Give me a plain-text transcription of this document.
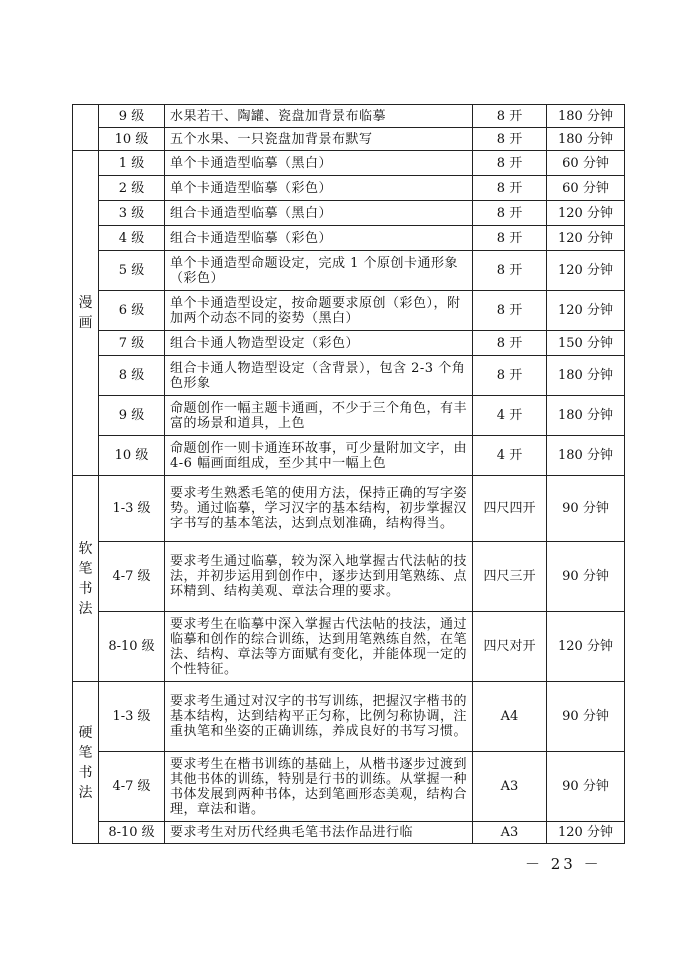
	9 级	水果若干、陶罐、瓷盘加背景布临摹	8 开	180 分钟
	10 级	五个水果、一只瓷盘加背景布默写	8 开	180 分钟

漫
画	1 级	单个卡通造型临摹（黑白）	8 开	60 分钟
	2 级	单个卡通造型临摹（彩色）	8 开	60 分钟
	3 级	组合卡通造型临摹（黑白）	8 开	120 分钟
	4 级	组合卡通造型临摹（彩色）	8 开	120 分钟
	5 级	单个卡通造型命题设定，完成 1 个原创卡通形象（彩色）	8 开	120 分钟
	6 级	单个卡通造型设定，按命题要求原创（彩色），附加两个动态不同的姿势（黑白）	8 开	120 分钟
	7 级	组合卡通人物造型设定（彩色）	8 开	150 分钟
	8 级	组合卡通人物造型设定（含背景），包含 2-3 个角色形象	8 开	180 分钟
	9 级	命题创作一幅主题卡通画，不少于三个角色，有丰富的场景和道具，上色	4 开	180 分钟
	10 级	命题创作一则卡通连环故事，可少量附加文字，由 4-6 幅画面组成，至少其中一幅上色	4 开	180 分钟

软
笔
书
法	1-3 级	要求考生熟悉毛笔的使用方法，保持正确的写字姿势。通过临摹，学习汉字的基本结构，初步掌握汉字书写的基本笔法，达到点划准确，结构得当。	四尺四开	90 分钟
	4-7 级	要求考生通过临摹，较为深入地掌握古代法帖的技法，并初步运用到创作中，逐步达到用笔熟练、点环精到、结构美观、章法合理的要求。	四尺三开	90 分钟
	8-10 级	要求考生在临摹中深入掌握古代法帖的技法，通过临摹和创作的综合训练，达到用笔熟练自然，在笔法、结构、章法等方面赋有变化，并能体现一定的个性特征。	四尺对开	120 分钟

硬
笔
书
法	1-3 级	要求考生通过对汉字的书写训练，把握汉字楷书的基本结构，达到结构平正匀称，比例匀称协调，注重执笔和坐姿的正确训练，养成良好的书写习惯。	A4	90 分钟
	4-7 级	要求考生在楷书训练的基础上，从楷书逐步过渡到其他书体的训练，特别是行书的训练。从掌握一种书体发展到两种书体，达到笔画形态美观，结构合理，章法和谐。	A3	90 分钟
	8-10 级	要求考生对历代经典毛笔书法作品进行临	A3	120 分钟
－ 23 －
